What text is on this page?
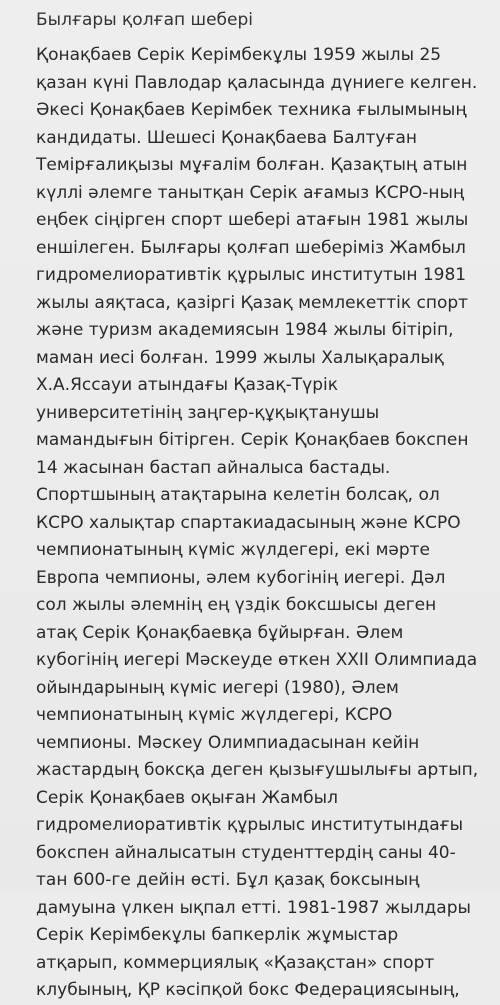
Былғары қолғап шебері
Қонақбаев Серік Керімбекұлы 1959 жылы 25
қазан күні Павлодар қаласында дүниеге келген.
Әкесі Қонақбаев Керімбек техника ғылымының
кандидаты. Шешесі Қонақбаева Балтуған
Темірғалиқызы мұғалім болған. Қазақтың атын
күллі әлемге танытқан Серік ағамыз КСРО-ның
еңбек сіңірген спорт шебері атағын 1981 жылы
еншілеген. Былғары қолғап шеберіміз Жамбыл
гидромелиоративтік құрылыс институтын 1981
жылы аяқтаса, қазіргі Қазақ мемлекеттік спорт
және туризм академиясын 1984 жылы бітіріп,
маман иесі болған. 1999 жылы Халықаралық
Х.А.Яссауи атындағы Қазақ-Түрік
университетінің заңгер-құқықтанушы
мамандығын бітірген. Серік Қонақбаев бокспен
14 жасынан бастап айналыса бастады.
Спортшының атақтарына келетін болсақ, ол
КСРО халықтар спартакиадасының және КСРО
чемпионатының күміс жүлдегері, екі мәрте
Европа чемпионы, әлем кубогінің иегері. Дәл
сол жылы әлемнің ең үздік боксшысы деген
атақ Серік Қонақбаевқа бұйырған. Әлем
кубогінің иегері Мәскеуде өткен XXII Олимпиада
ойындарының күміс иегері (1980), Әлем
чемпионатының күміс жүлдегері, КСРО
чемпионы. Мәскеу Олимпиадасынан кейін
жастардың боксқа деген қызығушылығы артып,
Серік Қонақбаев оқыған Жамбыл
гидромелиоративтік құрылыс институтындағы
бокспен айналысатын студенттердің саны 40-
тан 600-ге дейін өсті. Бұл қазақ боксының
дамуына үлкен ықпал етті. 1981-1987 жылдары
Серік Керімбекұлы бапкерлік жұмыстар
атқарып, коммерциялық «Қазақстан» спорт
клубының, ҚР кәсіпқой бокс Федерациясының,
